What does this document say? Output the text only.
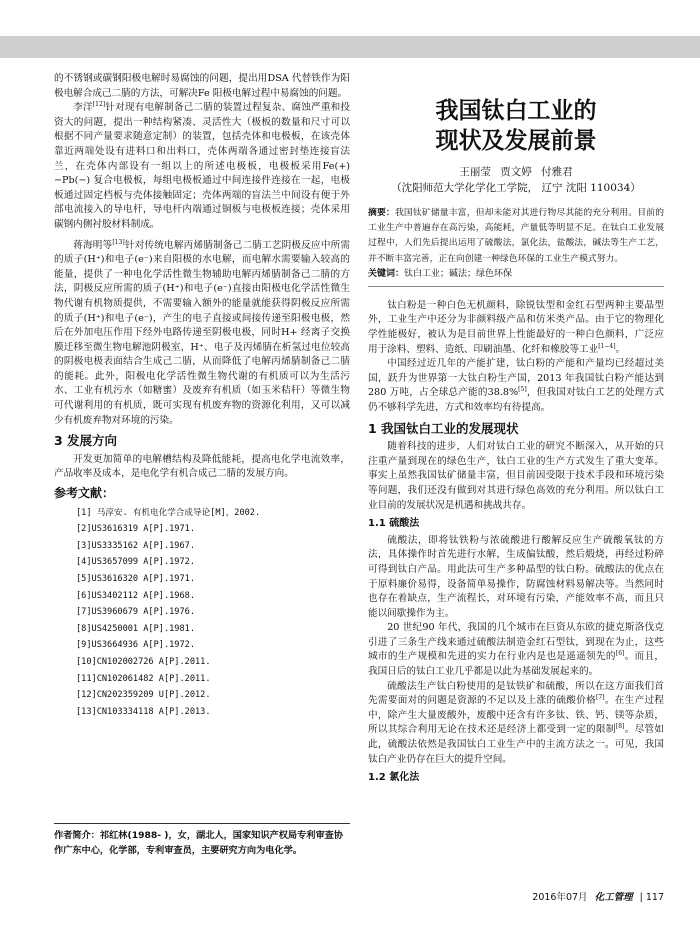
的不锈钢或碳钢阳极电解时易腐蚀的问题，提出用DSA 代替铁作为阳极电解合成己二腈的方法，可解决Fe 阳极电解过程中易腐蚀的问题。

李洋[12]针对现有电解制备己二腈的装置过程复杂、腐蚀严重和投资大的问题，提出一种结构紧凑、灵活性大（极板的数量和尺寸可以根据不同产量要求随意定制）的装置，包括壳体和电极板，在该壳体靠近两端处设有进料口和出料口，壳体两端各通过密封垫连接盲法兰，在壳体内部设有一组以上的所述电极板，电极板采用Fe(+)−Pb(−) 复合电极板，每组电极板通过中间连接件连接在一起，电极板通过固定档板与壳体接触固定；壳体两端的盲法兰中间设有便于外部电流接入的导电杆，导电杆内端通过铜板与电极板连接；壳体采用碳钢内侧衬胶材料制成。

蒋海明等[13]针对传统电解丙烯腈制备己二腈工艺阴极反应中所需的质子(H⁺)和电子(e⁻)来自阳极的水电解，而电解水需要输入较高的能量，提供了一种电化学活性微生物辅助电解丙烯腈制备己二腈的方法，阴极反应所需的质子(H⁺)和电子(e⁻)直接由阳极电化学活性微生物代谢有机物质提供，不需要输入额外的能量就能获得阴极反应所需的质子(H⁺)和电子(e⁻)，产生的电子直接或间接传递至阳极电极，然后在外加电压作用下经外电路传递至阴极电极，同时H+ 经离子交换膜迁移至微生物电解池阴极室，H⁺、电子及丙烯腈在析氢过电位较高的阴极电极表面结合生成己二腈，从而降低了电解丙烯腈制备己二腈的能耗。此外，阳极电化学活性微生物代谢的有机质可以为生活污水、工业有机污水（如糖蜜）及废弃有机质（如玉米秸秆）等微生物可代谢利用的有机质，既可实现有机废弃物的资源化利用，又可以减少有机废弃物对环境的污染。

3 发展方向

开发更加简单的电解槽结构及降低能耗，提高电化学电流效率，产品收率及成本，是电化学有机合成己二腈的发展方向。

参考文献：
[1] 马淳安. 有机电化学合成导论[M]，2002.
[2]US3616319 A[P].1971.
[3]US3335162 A[P].1967.
[4]US3657099 A[P].1972.
[5]US3616320 A[P].1971.
[6]US3402112 A[P].1968.
[7]US3960679 A[P].1976.
[8]US4250001 A[P].1981.
[9]US3664936 A[P].1972.
[10]CN102002726 A[P].2011.
[11]CN102061482 A[P].2011.
[12]CN202359209 U[P].2012.
[13]CN103334118 A[P].2013.
作者简介：祁红林(1988- )，女，湖北人，国家知识产权局专利审查协作广东中心，化学部，专利审查员，主要研究方向为电化学。
我国钛白工业的
现状及发展前景
王丽莹 贾文婷 付雅君
（沈阳师范大学化学化工学院， 辽宁 沈阳 110034）
摘要：我国钛矿储量丰富，但却未能对其进行物尽其能的充分利用。目前的工业生产中普遍存在高污染，高能耗，产量低等明显不足。在钛白工业发展过程中，人们先后提出运用了硫酸法，氯化法，盐酸法，碱法等生产工艺，并不断丰富完善，正在向创建一种绿色环保的工业生产模式努力。
关键词：钛白工业；碱法；绿色环保

钛白粉是一种白色无机颜料，除锐钛型和金红石型两种主要晶型外，工业生产中还分为非颜料级产品和仿米类产品。由于它的物理化学性能极好，被认为是目前世界上性能最好的一种白色颜料，广泛应用于涂料、塑料、造纸、印刷油墨、化纤和橡胶等工业[1−4]。

中国经过近几年的产能扩建，钛白粉的产能和产量均已经超过美国，跃升为世界第一大钛白粉生产国，2013 年我国钛白粉产能达到280 万吨，占全球总产能的38.8%[5]，但我国对钛白工艺的处理方式仍不够科学先进，方式和效率均有待提高。

1 我国钛白工业的发展现状

随着科技的进步，人们对钛白工业的研究不断深入，从开始的只注重产量到现在的绿色生产，钛白工业的生产方式发生了重大变革。事实上虽然我国钛矿储量丰富，但目前因受限于技术手段和环境污染等问题，我们还没有做到对其进行绿色高效的充分利用。所以钛白工业目前的发展状况是机遇和挑战共存。

1.1 硫酸法

硫酸法，即将钛铁粉与浓硫酸进行酸解反应生产硫酸氧钛的方法，具体操作时首先进行水解，生成偏钛酸，然后煅烧，再经过粉碎可得到钛白产品。用此法可生产多种晶型的钛白粉。硫酸法的优点在于原料廉价易得，设备简单易操作，防腐蚀材料易解决等。当然同时也存在着缺点，生产流程长，对环境有污染，产能效率不高，而且只能以间歇操作为主。

20 世纪90 年代，我国的几个城市在巨资从东欧的捷克斯洛伐克引进了三条生产线来通过硫酸法制造金红石型钛，到现在为止，这些城市的生产规模和先进的实力在行业内是也是遥遥领先的[6]。而且，我国日后的钛白工业几乎都是以此为基础发展起来的。

硫酸法生产钛白粉使用的是钛铁矿和硫酸，所以在这方面我们首先需要面对的问题是资源的不足以及上涨的硫酸价格[7]。在生产过程中，除产生大量废酸外，废酸中还含有许多钛、铁、钙、镁等杂质，所以其综合利用无论在技术还是经济上都受到一定的限制[8]。尽管如此，硫酸法依然是我国钛白工业生产中的主流方法之一。可见，我国钛白产业仍存在巨大的提升空间。

1.2 氯化法
2016年07月 化工管理 | 117
